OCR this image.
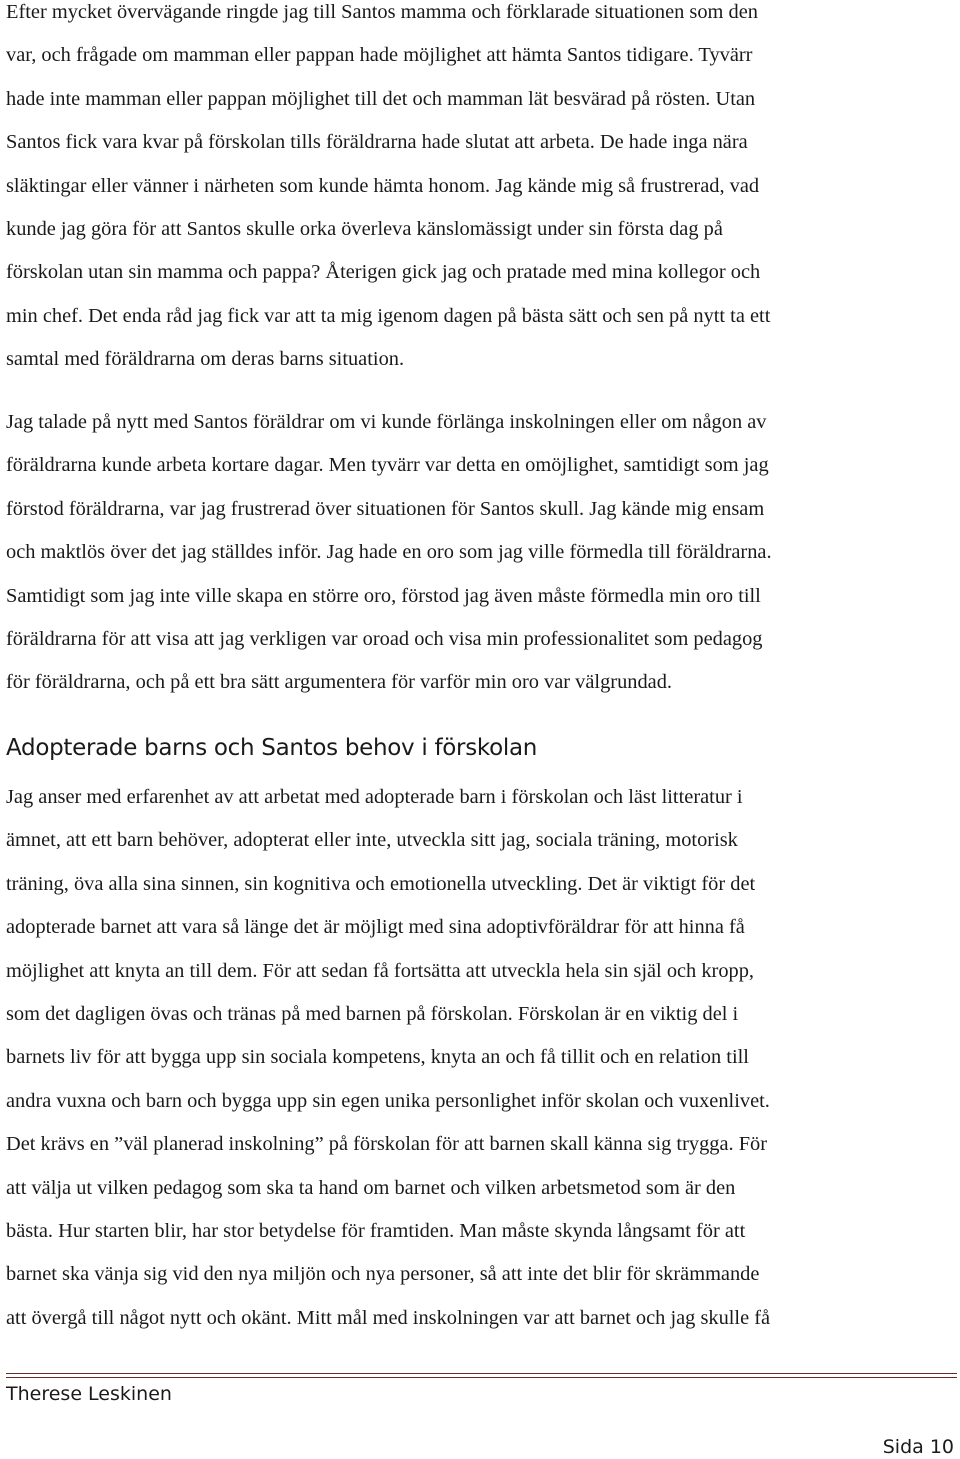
Efter mycket övervägande ringde jag till Santos mamma och förklarade situationen som den
var, och frågade om mamman eller pappan hade möjlighet att hämta Santos tidigare. Tyvärr
hade inte mamman eller pappan möjlighet till det och mamman lät besvärad på rösten. Utan
Santos fick vara kvar på förskolan tills föräldrarna hade slutat att arbeta. De hade inga nära
släktingar eller vänner i närheten som kunde hämta honom. Jag kände mig så frustrerad, vad
kunde jag göra för att Santos skulle orka överleva känslomässigt under sin första dag på
förskolan utan sin mamma och pappa? Återigen gick jag och pratade med mina kollegor och
min chef. Det enda råd jag fick var att ta mig igenom dagen på bästa sätt och sen på nytt ta ett
samtal med föräldrarna om deras barns situation.

Jag talade på nytt med Santos föräldrar om vi kunde förlänga inskolningen eller om någon av
föräldrarna kunde arbeta kortare dagar. Men tyvärr var detta en omöjlighet, samtidigt som jag
förstod föräldrarna, var jag frustrerad över situationen för Santos skull. Jag kände mig ensam
och maktlös över det jag ställdes inför. Jag hade en oro som jag ville förmedla till föräldrarna.
Samtidigt som jag inte ville skapa en större oro, förstod jag även måste förmedla min oro till
föräldrarna för att visa att jag verkligen var oroad och visa min professionalitet som pedagog
för föräldrarna, och på ett bra sätt argumentera för varför min oro var välgrundad.

Adopterade barns och Santos behov i förskolan

Jag anser med erfarenhet av att arbetat med adopterade barn i förskolan och läst litteratur i
ämnet, att ett barn behöver, adopterat eller inte, utveckla sitt jag, sociala träning, motorisk
träning, öva alla sina sinnen, sin kognitiva och emotionella utveckling. Det är viktigt för det
adopterade barnet att vara så länge det är möjligt med sina adoptivföräldrar för att hinna få
möjlighet att knyta an till dem. För att sedan få fortsätta att utveckla hela sin själ och kropp,
som det dagligen övas och tränas på med barnen på förskolan. Förskolan är en viktig del i
barnets liv för att bygga upp sin sociala kompetens, knyta an och få tillit och en relation till
andra vuxna och barn och bygga upp sin egen unika personlighet inför skolan och vuxenlivet.
Det krävs en ”väl planerad inskolning” på förskolan för att barnen skall känna sig trygga. För
att välja ut vilken pedagog som ska ta hand om barnet och vilken arbetsmetod som är den
bästa. Hur starten blir, har stor betydelse för framtiden. Man måste skynda långsamt för att
barnet ska vänja sig vid den nya miljön och nya personer, så att inte det blir för skrämmande
att övergå till något nytt och okänt. Mitt mål med inskolningen var att barnet och jag skulle få

Therese Leskinen
Sida 10
